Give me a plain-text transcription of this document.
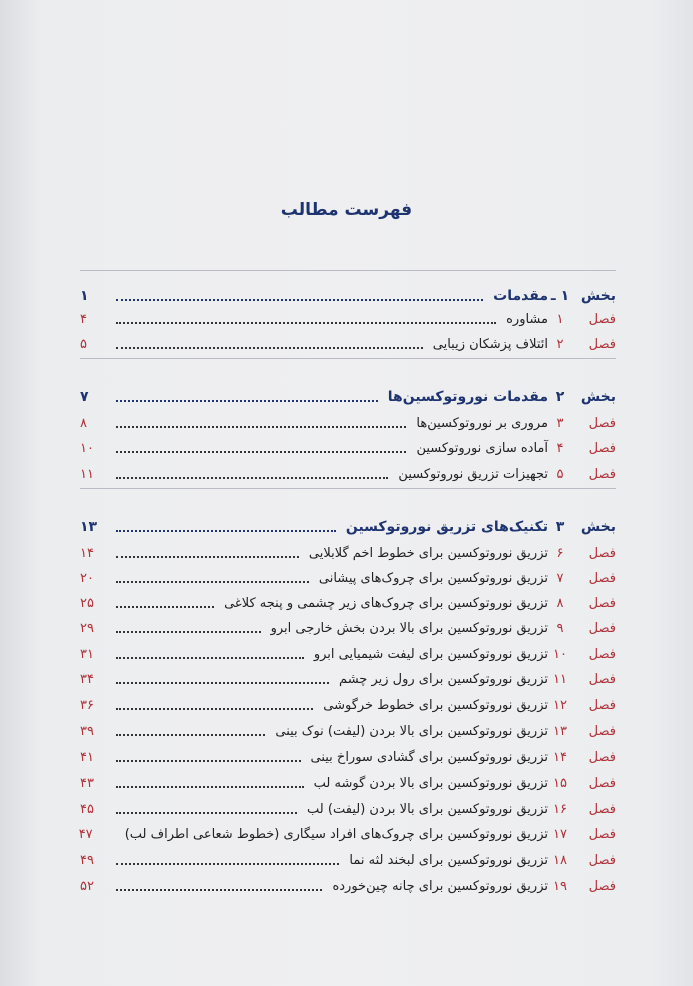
فهرست مطالب
بخش
۱ ـ
مقدمات
۱
فصل
۱
مشاوره
۴
فصل
۲
ائتلاف پزشکان زیبایی
۵
بخش
۲
مقدمات نوروتوکسین‌ها
۷
فصل
۳
مروری بر نوروتوکسین‌ها
۸
فصل
۴
آماده سازی نوروتوکسین
۱۰
فصل
۵
تجهیزات تزریق نوروتوکسین
۱۱
بخش
۳
تکنیک‌های تزریق نوروتوکسین
۱۳
فصل
۶
تزریق نوروتوکسین برای خطوط اخم گلابلایی
۱۴
فصل
۷
تزریق نوروتوکسین برای چروک‌های پیشانی
۲۰
فصل
۸
تزریق نوروتوکسین برای چروک‌های زیر چشمی و پنجه کلاغی
۲۵
فصل
۹
تزریق نوروتوکسین برای بالا بردن بخش خارجی ابرو
۲۹
فصل
۱۰
تزریق نوروتوکسین برای لیفت شیمیایی ابرو
۳۱
فصل
۱۱
تزریق نوروتوکسین برای رول زیر چشم
۳۴
فصل
۱۲
تزریق نوروتوکسین برای خطوط خرگوشی
۳۶
فصل
۱۳
تزریق نوروتوکسین برای بالا بردن (لیفت) نوک بینی
۳۹
فصل
۱۴
تزریق نوروتوکسین برای گشادی سوراخ بینی
۴۱
فصل
۱۵
تزریق نوروتوکسین برای بالا بردن گوشه لب
۴۳
فصل
۱۶
تزریق نوروتوکسین برای بالا بردن (لیفت) لب
۴۵
فصل
۱۷
تزریق نوروتوکسین برای چروک‌های افراد سیگاری (خطوط شعاعی اطراف لب)
۴۷
فصل
۱۸
تزریق نوروتوکسین برای لبخند لثه نما
۴۹
فصل
۱۹
تزریق نوروتوکسین برای چانه چین‌خورده
۵۲
